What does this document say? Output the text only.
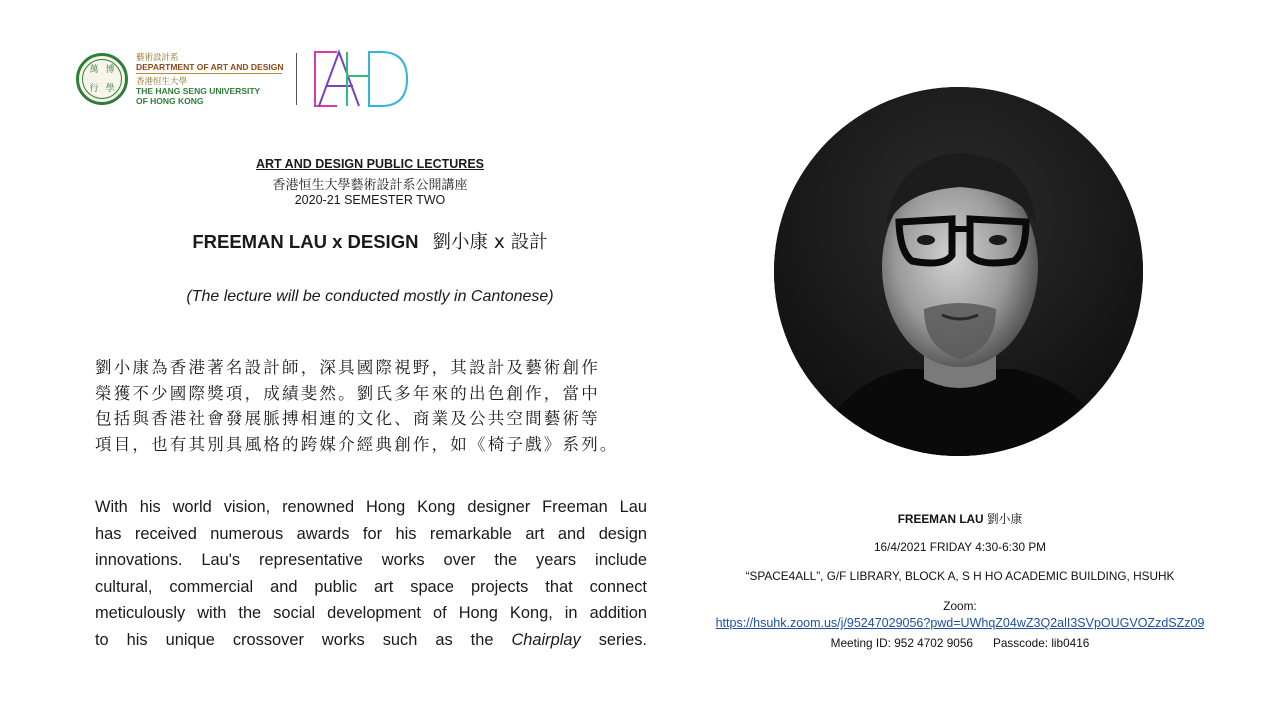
萬 博
行 學
藝術設計系
DEPARTMENT OF ART AND DESIGN
香港恒生大學
THE HANG SENG UNIVERSITY
OF HONG KONG
ART AND DESIGN PUBLIC LECTURES
香港恒生大學藝術設計系公開講座
2020-21 SEMESTER TWO
FREEMAN LAU x DESIGN 劉小康 x 設計
(The lecture will be conducted mostly in Cantonese)
劉小康為香港著名設計師，深具國際視野，其設計及藝術創作
榮獲不少國際獎項，成績斐然。劉氏多年來的出色創作，當中
包括與香港社會發展脈搏相連的文化、商業及公共空間藝術等
項目，也有其別具風格的跨媒介經典創作，如《椅子戲》系列。
With his world vision, renowned Hong Kong designer Freeman Lau
has received numerous awards for his remarkable art and design
innovations. Lau's representative works over the years include
cultural, commercial and public art space projects that connect
meticulously with the social development of Hong Kong, in addition
to his unique crossover works such as the Chairplay series.
FREEMAN LAU 劉小康
16/4/2021 FRIDAY 4:30-6:30 PM
“SPACE4ALL”, G/F LIBRARY, BLOCK A, S H HO ACADEMIC BUILDING, HSUHK
Zoom:
https://hsuhk.zoom.us/j/95247029056?pwd=UWhqZ04wZ3Q2alI3SVpOUGVOZzdSZz09
Meeting ID: 952 4702 9056 Passcode: lib0416
